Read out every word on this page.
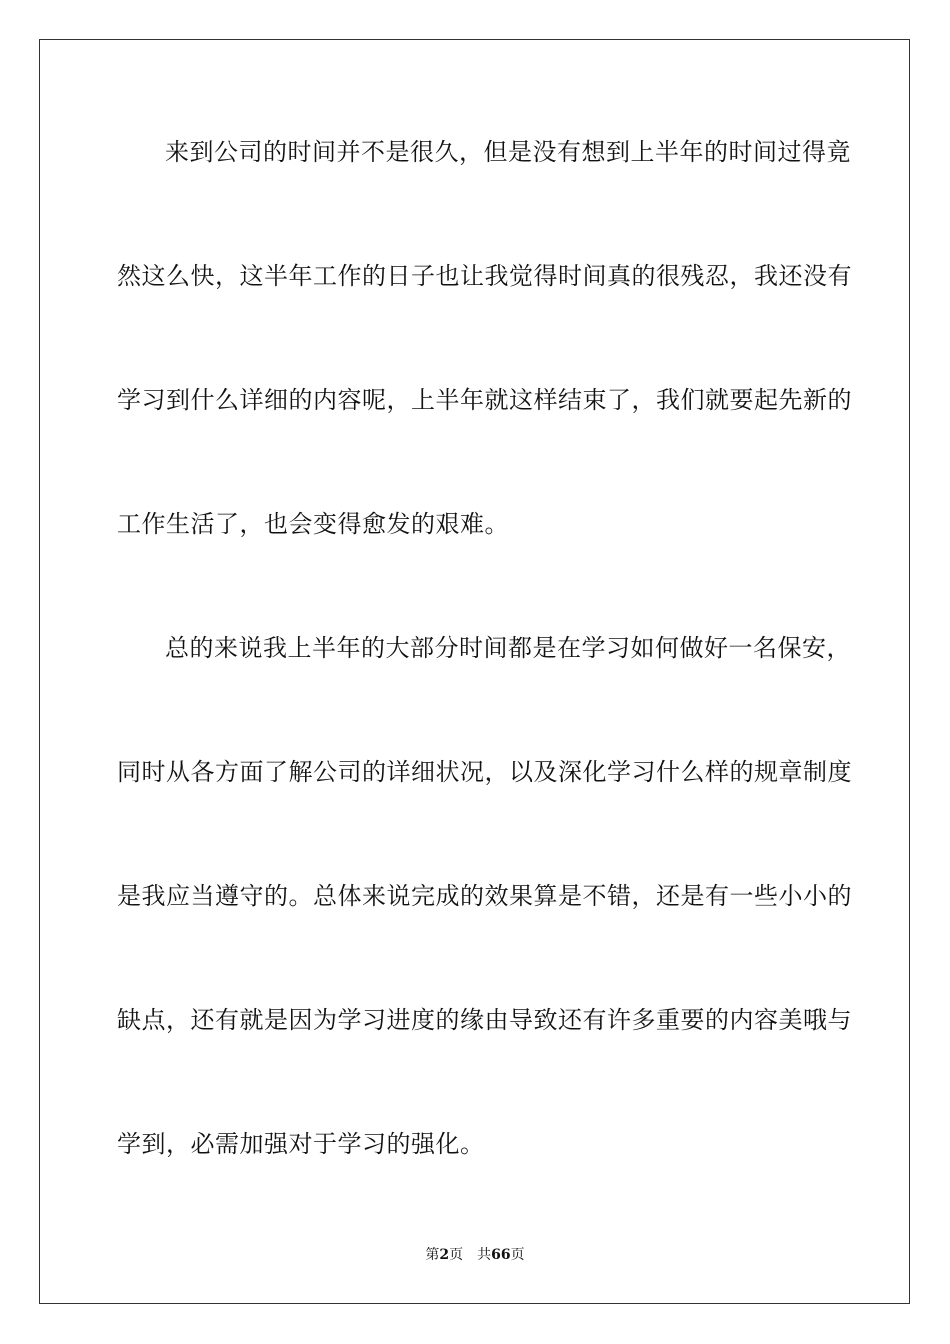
来到公司的时间并不是很久，但是没有想到上半年的时间过得竟
然这么快，这半年工作的日子也让我觉得时间真的很残忍，我还没有
学习到什么详细的内容呢，上半年就这样结束了，我们就要起先新的
工作生活了，也会变得愈发的艰难。
总的来说我上半年的大部分时间都是在学习如何做好一名保安，
同时从各方面了解公司的详细状况，以及深化学习什么样的规章制度
是我应当遵守的。总体来说完成的效果算是不错，还是有一些小小的
缺点，还有就是因为学习进度的缘由导致还有许多重要的内容美哦与
学到，必需加强对于学习的强化。
第2页 共66页
